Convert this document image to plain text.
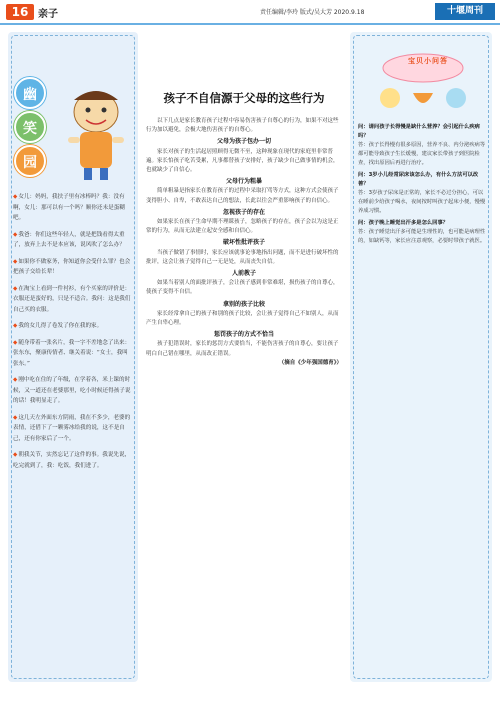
16 亲子	责任编辑/李玲 版式/吴大芳 2020.9.18	十堰周刊
幽
笑
园

◆ 女儿：妈妈，我扶子里有冰棒吗？我：没有啊，女儿：那可以有一个吗？顺你还未是蛋糊吧。

◆ 我爸：你们这些年轻人，就是把钱看得太重了，放弃上去不是本应该，说风吹了怎么办？

◆ 如果你不做家务，你知道你会受什么罪？也会把孩子交给长辈！

◆ 在淘宝上看到一件衬衫，有个买家的评价是：衣服还是蛮好的，只是不适合。我问：这是我们自己买的衣服。

◆ 我的女儿得了卷发了你在我的家。

◆ 随身带着一张名片，我一字不差地念了出来：张东东，聚康传情者、继关着说：“女士，我叫张东。”

◆ 刚中吃在住的了年级，在学着各，米上课的时候，又一道还在老婆那里，吃小时候还得孩子说的话！我明显走了。

◆ 这几天左外面东方阴雨，我在不多少，老婆的表情，还借下了一颗雾冰给我的说，这不是自己，还有你家后了一个。

◆ 朝我关节，实然忘记了这件的事。我说先说，吃完就到了，我：吃饭，我们进了。

孩子不自信源于父母的这些行为

以下几点是家长教育孩子过程中容易伤害孩子自尊心的行为，如果不对这些行为加以避免，会极大地伤害孩子的自尊心。

父母为孩子包办一切

家长对孩子的生活起居照顾得无微不至，这种现象在现代的家庭里非常普遍。家长怕孩子吃苦受累，凡事都替孩子安排好，孩子缺少自己做事情的机会，也就缺少了自信心。

父母行为粗暴

简单粗暴是指家长在教育孩子的过程中采取打骂等方式，这种方式会使孩子变得胆小、自卑，不敢表达自己的想法，长此以往会严重影响孩子的自信心。

忽视孩子的存在

如果家长在孩子生命早期不理睬孩子，忽略孩子的存在，孩子会以为这是正常的行为，从而无法建立起安全感和自信心。

破坏性批评孩子

当孩子做错了事情时，家长应该就事论事地指出问题，而不是进行破坏性的批评，这会让孩子觉得自己一无是处，从而丧失自信。

人前教子

如果当着别人的面批评孩子，会让孩子感到非常难堪，损伤孩子的自尊心，使孩子变得不自信。

拿别的孩子比较

家长经常拿自己的孩子和别的孩子比较，会让孩子觉得自己不如别人，从而产生自卑心理。

惩罚孩子的方式不恰当

孩子犯错误时，家长的惩罚方式要恰当，不能伤害孩子的自尊心，要让孩子明白自己错在哪里，从而改正错误。

（摘自《少年强国德育》）

宝贝小问答

问：请问孩子长得慢是缺什么营养？会引起什么疾病吗？

答：孩子长得慢有很多原因，营养不良、内分泌疾病等都可能导致孩子生长缓慢，建议家长带孩子到医院检查，找出原因后再进行治疗。

问：3岁小儿经常尿床该怎么办，有什么方法可以改善？

答：3岁孩子尿床是正常的，家长不必过分担心，可以在睡前少给孩子喝水，夜间按时叫孩子起床小便，慢慢养成习惯。

问：孩子晚上睡觉出汗多是怎么回事？

答：孩子睡觉出汗多可能是生理性的，也可能是病理性的，如缺钙等，家长应注意观察，必要时带孩子就医。
